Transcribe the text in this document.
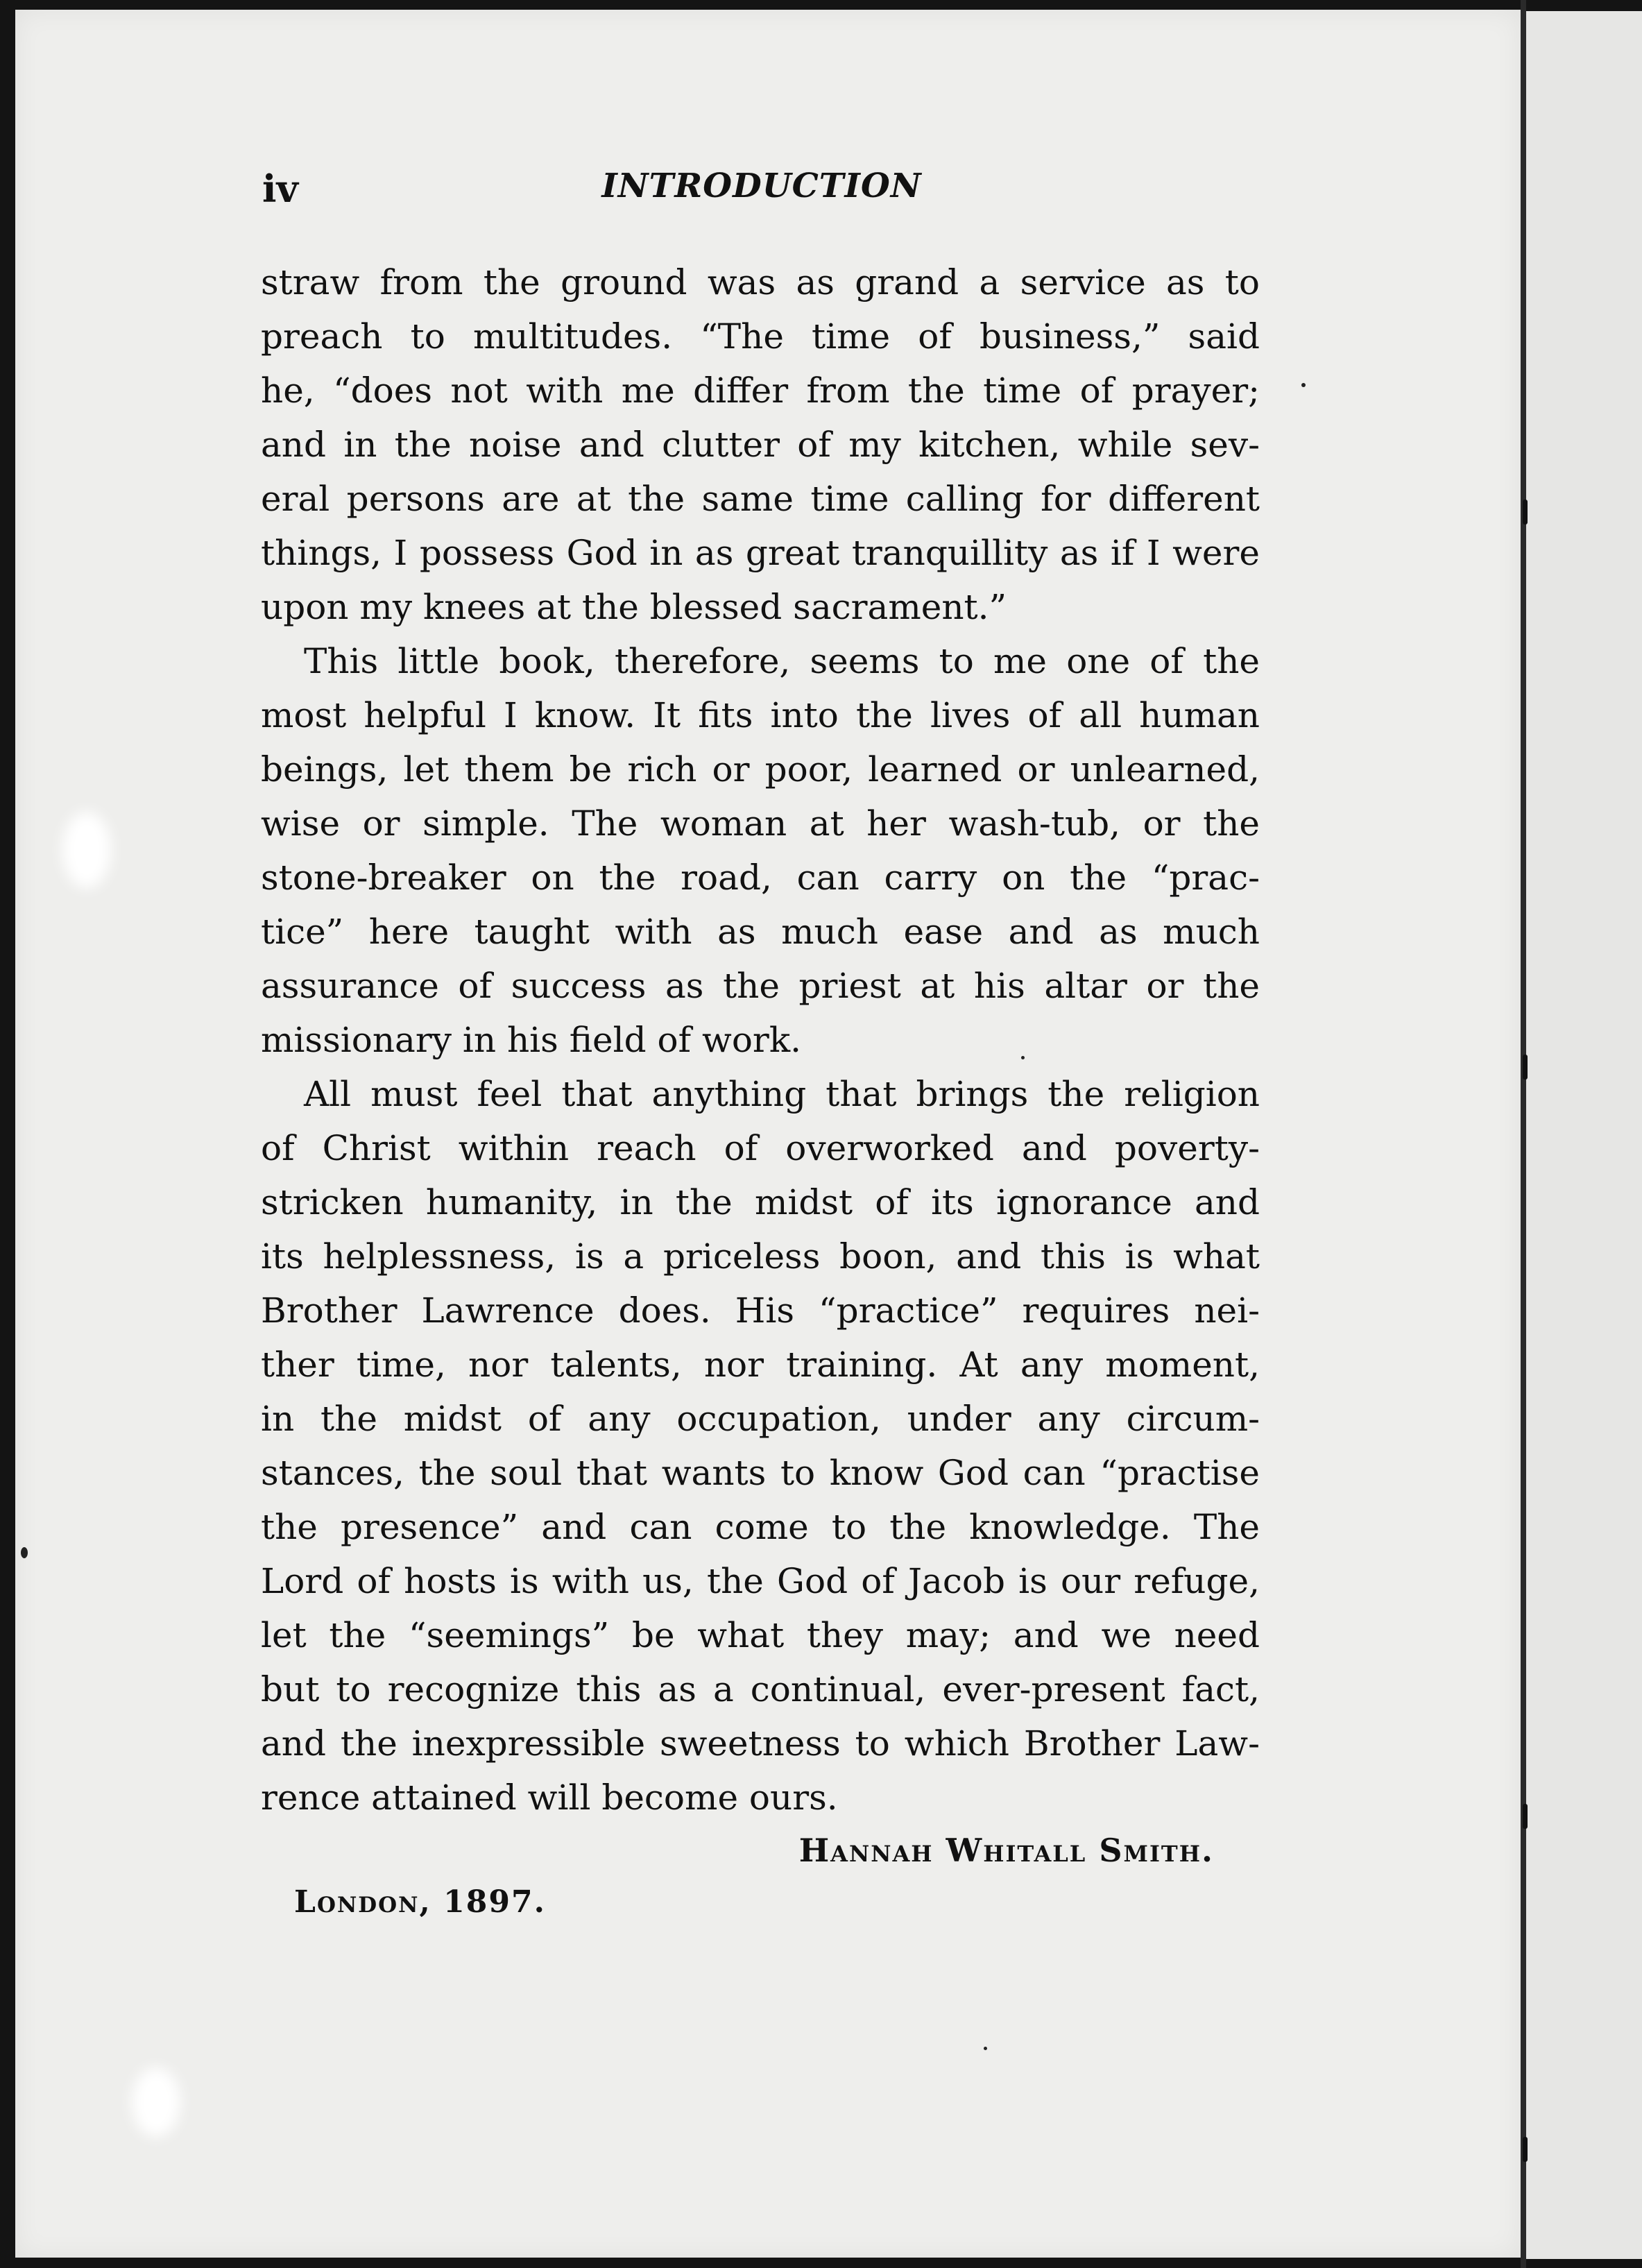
INTRODUCTION
iv
straw from the ground was as grand a service as to
preach to multitudes. “The time of business,” said
he, “does not with me differ from the time of prayer;
and in the noise and clutter of my kitchen, while sev-
eral persons are at the same time calling for different
things, I possess God in as great tranquillity as if I were
upon my knees at the blessed sacrament.”
This little book, therefore, seems to me one of the
most helpful I know. It fits into the lives of all human
beings, let them be rich or poor, learned or unlearned,
wise or simple. The woman at her wash-tub, or the
stone-breaker on the road, can carry on the “prac-
tice” here taught with as much ease and as much
assurance of success as the priest at his altar or the
missionary in his field of work.
All must feel that anything that brings the religion
of Christ within reach of overworked and poverty-
stricken humanity, in the midst of its ignorance and
its helplessness, is a priceless boon, and this is what
Brother Lawrence does. His “practice” requires nei-
ther time, nor talents, nor training. At any moment,
in the midst of any occupation, under any circum-
stances, the soul that wants to know God can “practise
the presence” and can come to the knowledge. The
Lord of hosts is with us, the God of Jacob is our refuge,
let the “seemings” be what they may; and we need
but to recognize this as a continual, ever-present fact,
and the inexpressible sweetness to which Brother Law-
rence attained will become ours.
Hannah Whitall Smith.
London, 1897.
